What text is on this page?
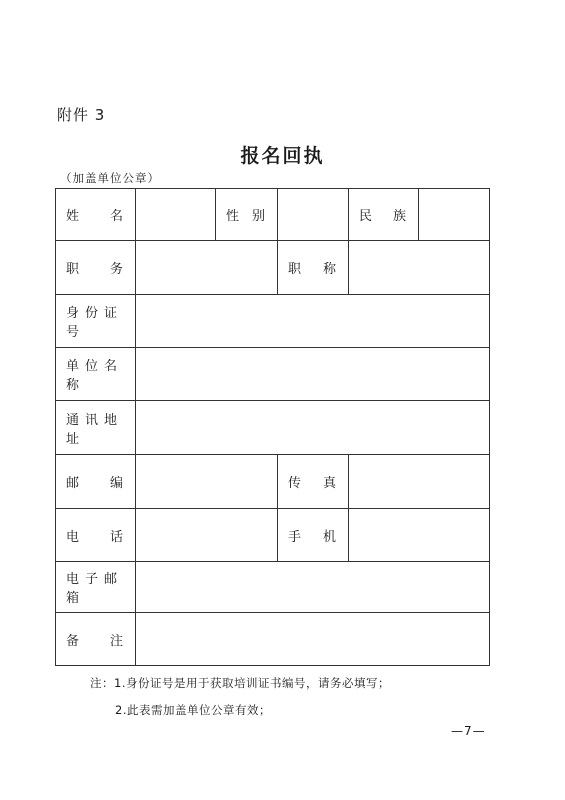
附件 3
报名回执
（加盖单位公章）
姓 名		性 别		民 族	

职 务			职 称		

身份证号					
单位名称					
通讯地址					

邮 编			传 真		

电 话			手 机		

电子邮箱					

备 注					

注：1.身份证号是用于获取培训证书编号，请务必填写；
2.此表需加盖单位公章有效；
—7—
